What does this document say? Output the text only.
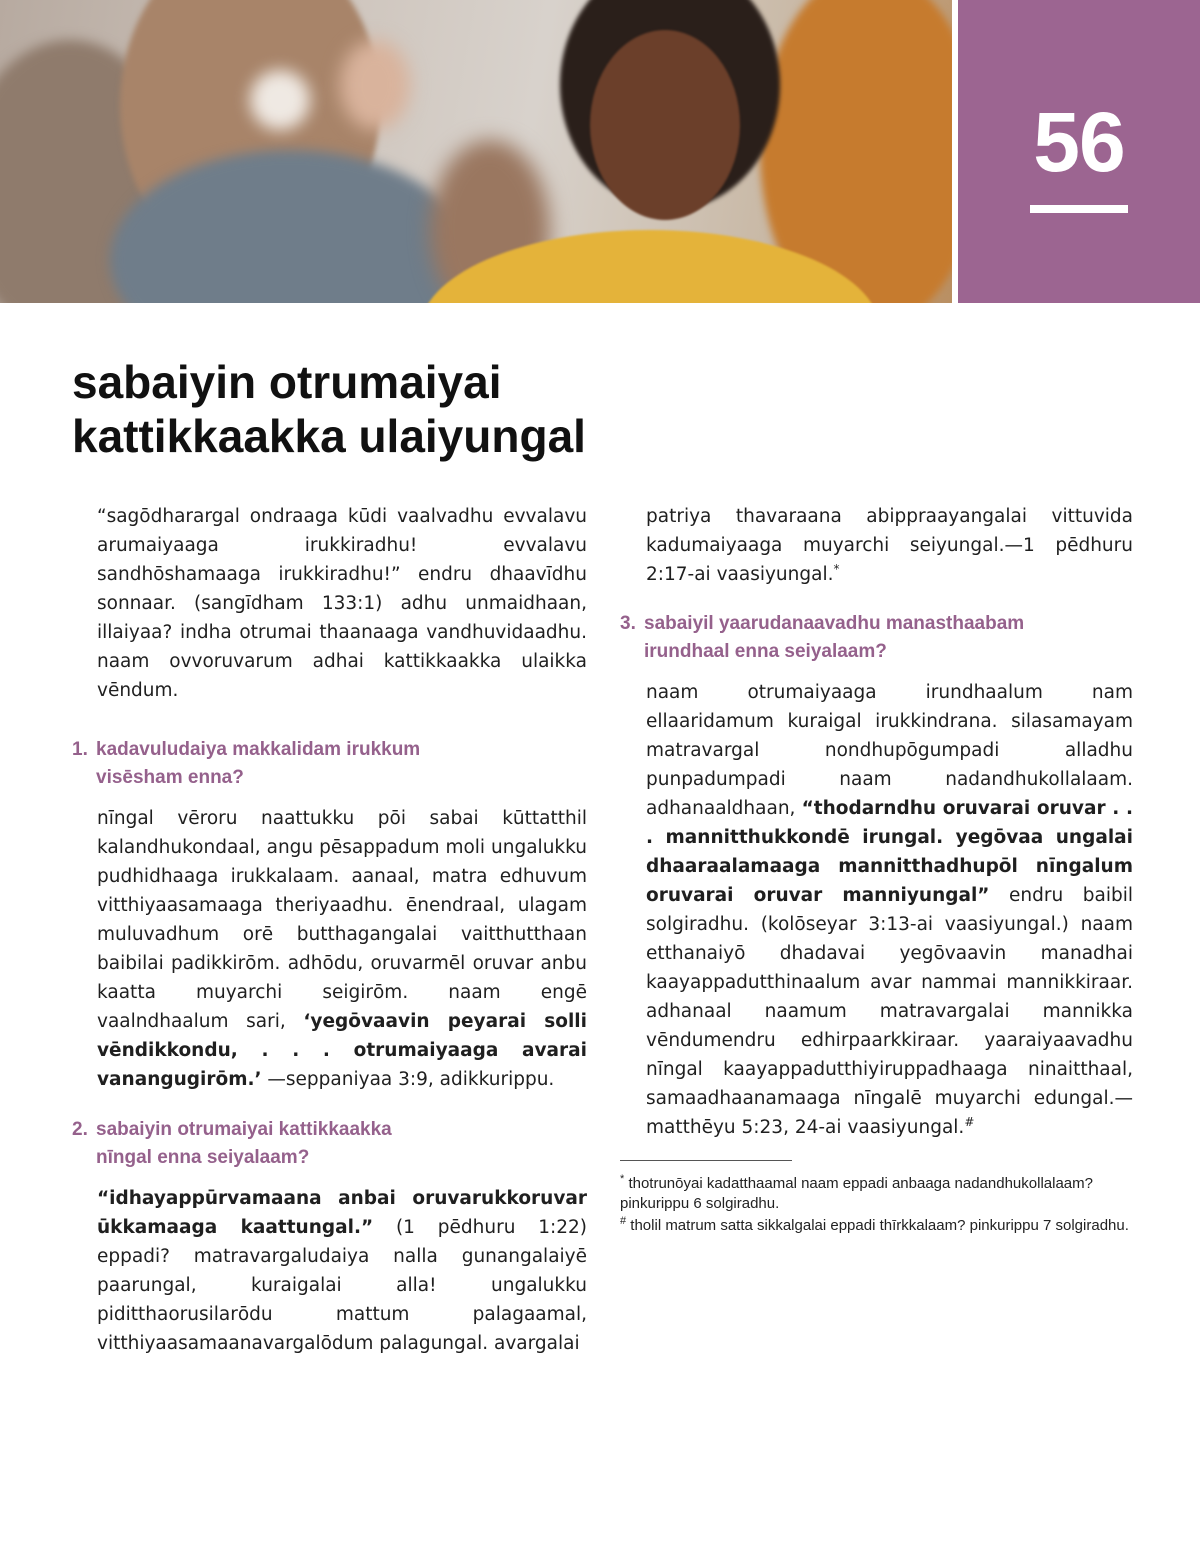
56
sabaiyin otrumaiyai
kattikkaakka ulaiyungal

“sagōdharargal ondraaga kūdi vaalvadhu evvalavu arumaiyaaga irukkiradhu! evvalavu sandhōshamaaga irukkiradhu!” endru dhaavīdhu sonnaar. (sangīdham 133:1) adhu unmaidhaan, illaiyaa? indha otrumai thaanaaga vandhuvidaadhu. naam ovvoruvarum adhai kattikkaakka ulaikka vēndum.

1. kadavuludaiya makkalidam irukkum
visēsham enna?

nīngal vēroru naattukku pōi sabai kūttatthil kalandhukondaal, angu pēsappadum moli ungalukku pudhidhaaga irukkalaam. aanaal, matra edhuvum vitthiyaasamaaga theriyaadhu. ēnendraal, ulagam muluvadhum orē butthagangalai vaitthutthaan baibilai padikkirōm. adhōdu, oruvarmēl oruvar anbu kaatta muyarchi seigirōm. naam engē vaalndhaalum sari, ‘yegōvaavin peyarai solli vēndikkondu, . . . otrumaiyaaga avarai vanangugirōm.’ —seppaniyaa 3:9, adikkurippu.

2. sabaiyin otrumaiyai kattikkaakka
nīngal enna seiyalaam?

“idhayappūrvamaana anbai oruvarukkoruvar ūkkamaaga kaattungal.” (1 pēdhuru 1:22) eppadi? matravargaludaiya nalla gunangalaiyē paarungal, kuraigalai alla! ungalukku piditthaorusilarōdu mattum palagaamal, vitthiyaasamaanavargalōdum palagungal. avargalai

patriya thavaraana abippraayangalai vittuvida kadumaiyaaga muyarchi seiyungal.—1 pēdhuru 2:17-ai vaasiyungal.*

3. sabaiyil yaarudanaavadhu manasthaabam
irundhaal enna seiyalaam?

naam otrumaiyaaga irundhaalum nam ellaaridamum kuraigal irukkindrana. silasamayam matravargal nondhupōgumpadi alladhu punpadumpadi naam nadandhukollalaam. adhanaaldhaan, “thodarndhu oruvarai oruvar . . . mannitthukkondē irungal. yegōvaa ungalai dhaaraalamaaga mannitthadhupōl nīngalum oruvarai oruvar manniyungal” endru baibil solgiradhu. (kolōseyar 3:13-ai vaasiyungal.) naam etthanaiyō dhadavai yegōvaavin manadhai kaayappadutthinaalum avar nammai mannikkiraar. adhanaal naamum matravargalai mannikka vēndumendru edhirpaarkkiraar. yaaraiyaavadhu nīngal kaayappadutthiyiruppadhaaga ninaitthaal, samaadhaanamaaga nīngalē muyarchi edungal.—matthēyu 5:23, 24-ai vaasiyungal.#

* thotrunōyai kadatthaamal naam eppadi anbaaga nadandhukollalaam? pinkurippu 6 solgiradhu.

# tholil matrum satta sikkalgalai eppadi thīrkkalaam? pinkurippu 7 solgiradhu.
